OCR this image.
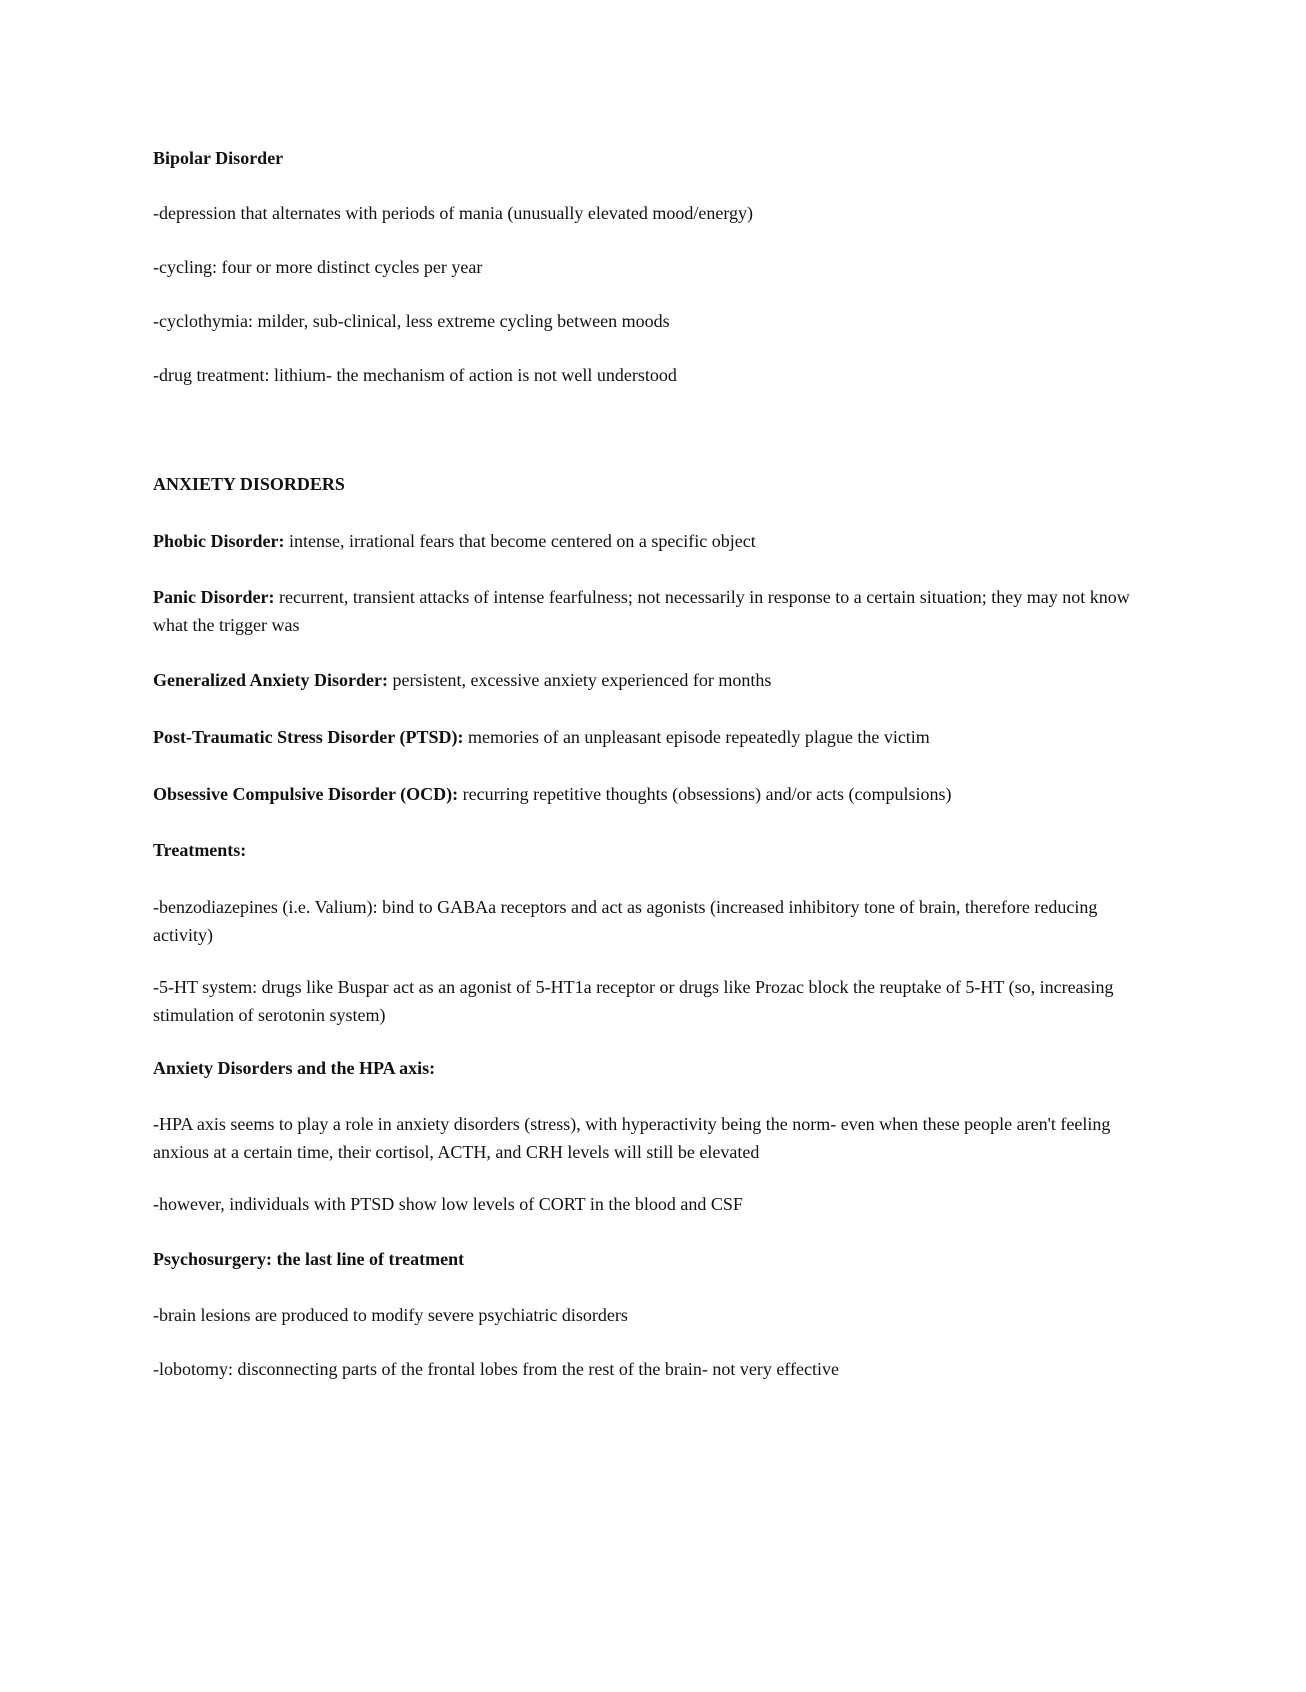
Bipolar Disorder

-depression that alternates with periods of mania (unusually elevated mood/energy)

-cycling: four or more distinct cycles per year

-cyclothymia: milder, sub-clinical, less extreme cycling between moods

-drug treatment: lithium- the mechanism of action is not well understood

ANXIETY DISORDERS

Phobic Disorder: intense, irrational fears that become centered on a specific object

Panic Disorder: recurrent, transient attacks of intense fearfulness; not necessarily in response to a certain situation; they may not know what the trigger was

Generalized Anxiety Disorder: persistent, excessive anxiety experienced for months

Post-Traumatic Stress Disorder (PTSD): memories of an unpleasant episode repeatedly plague the victim

Obsessive Compulsive Disorder (OCD): recurring repetitive thoughts (obsessions) and/or acts (compulsions)

Treatments:

-benzodiazepines (i.e. Valium): bind to GABAa receptors and act as agonists (increased inhibitory tone of brain, therefore reducing activity)

-5-HT system: drugs like Buspar act as an agonist of 5-HT1a receptor or drugs like Prozac block the reuptake of 5-HT (so, increasing stimulation of serotonin system)

Anxiety Disorders and the HPA axis:

-HPA axis seems to play a role in anxiety disorders (stress), with hyperactivity being the norm- even when these people aren't feeling anxious at a certain time, their cortisol, ACTH, and CRH levels will still be elevated

-however, individuals with PTSD show low levels of CORT in the blood and CSF

Psychosurgery: the last line of treatment

-brain lesions are produced to modify severe psychiatric disorders

-lobotomy: disconnecting parts of the frontal lobes from the rest of the brain- not very effective
